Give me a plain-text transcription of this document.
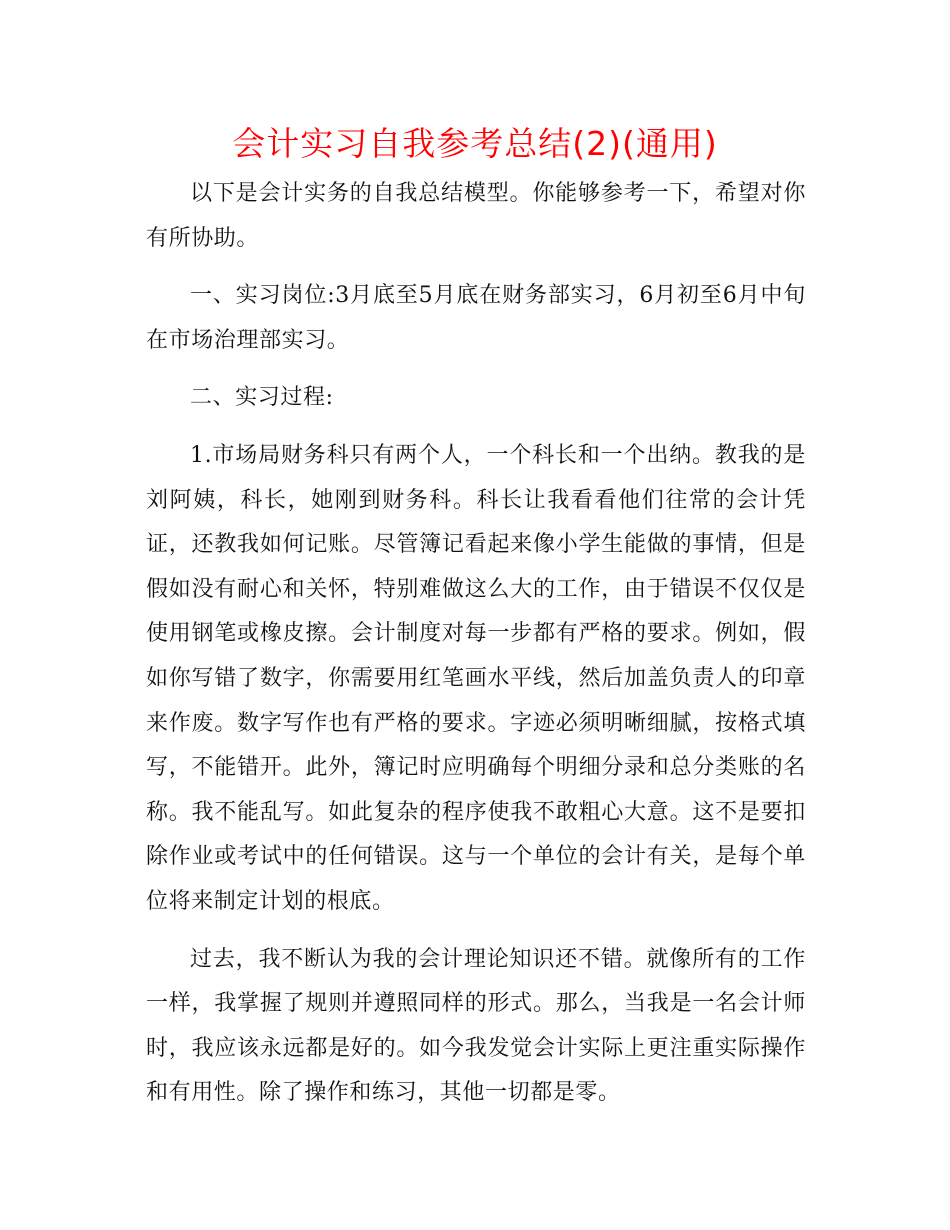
会计实习自我参考总结(2)(通用)

以下是会计实务的自我总结模型。你能够参考一下，希望对你有所协助。

一、实习岗位:3月底至5月底在财务部实习，6月初至6月中旬在市场治理部实习。

二、实习过程:

1.市场局财务科只有两个人，一个科长和一个出纳。教我的是刘阿姨，科长，她刚到财务科。科长让我看看他们往常的会计凭证，还教我如何记账。尽管簿记看起来像小学生能做的事情，但是假如没有耐心和关怀，特别难做这么大的工作，由于错误不仅仅是使用钢笔或橡皮擦。会计制度对每一步都有严格的要求。例如，假如你写错了数字，你需要用红笔画水平线，然后加盖负责人的印章来作废。数字写作也有严格的要求。字迹必须明晰细腻，按格式填写，不能错开。此外，簿记时应明确每个明细分录和总分类账的名称。我不能乱写。如此复杂的程序使我不敢粗心大意。这不是要扣除作业或考试中的任何错误。这与一个单位的会计有关，是每个单位将来制定计划的根底。

过去，我不断认为我的会计理论知识还不错。就像所有的工作一样，我掌握了规则并遵照同样的形式。那么，当我是一名会计师时，我应该永远都是好的。如今我发觉会计实际上更注重实际操作和有用性。除了操作和练习，其他一切都是零。
